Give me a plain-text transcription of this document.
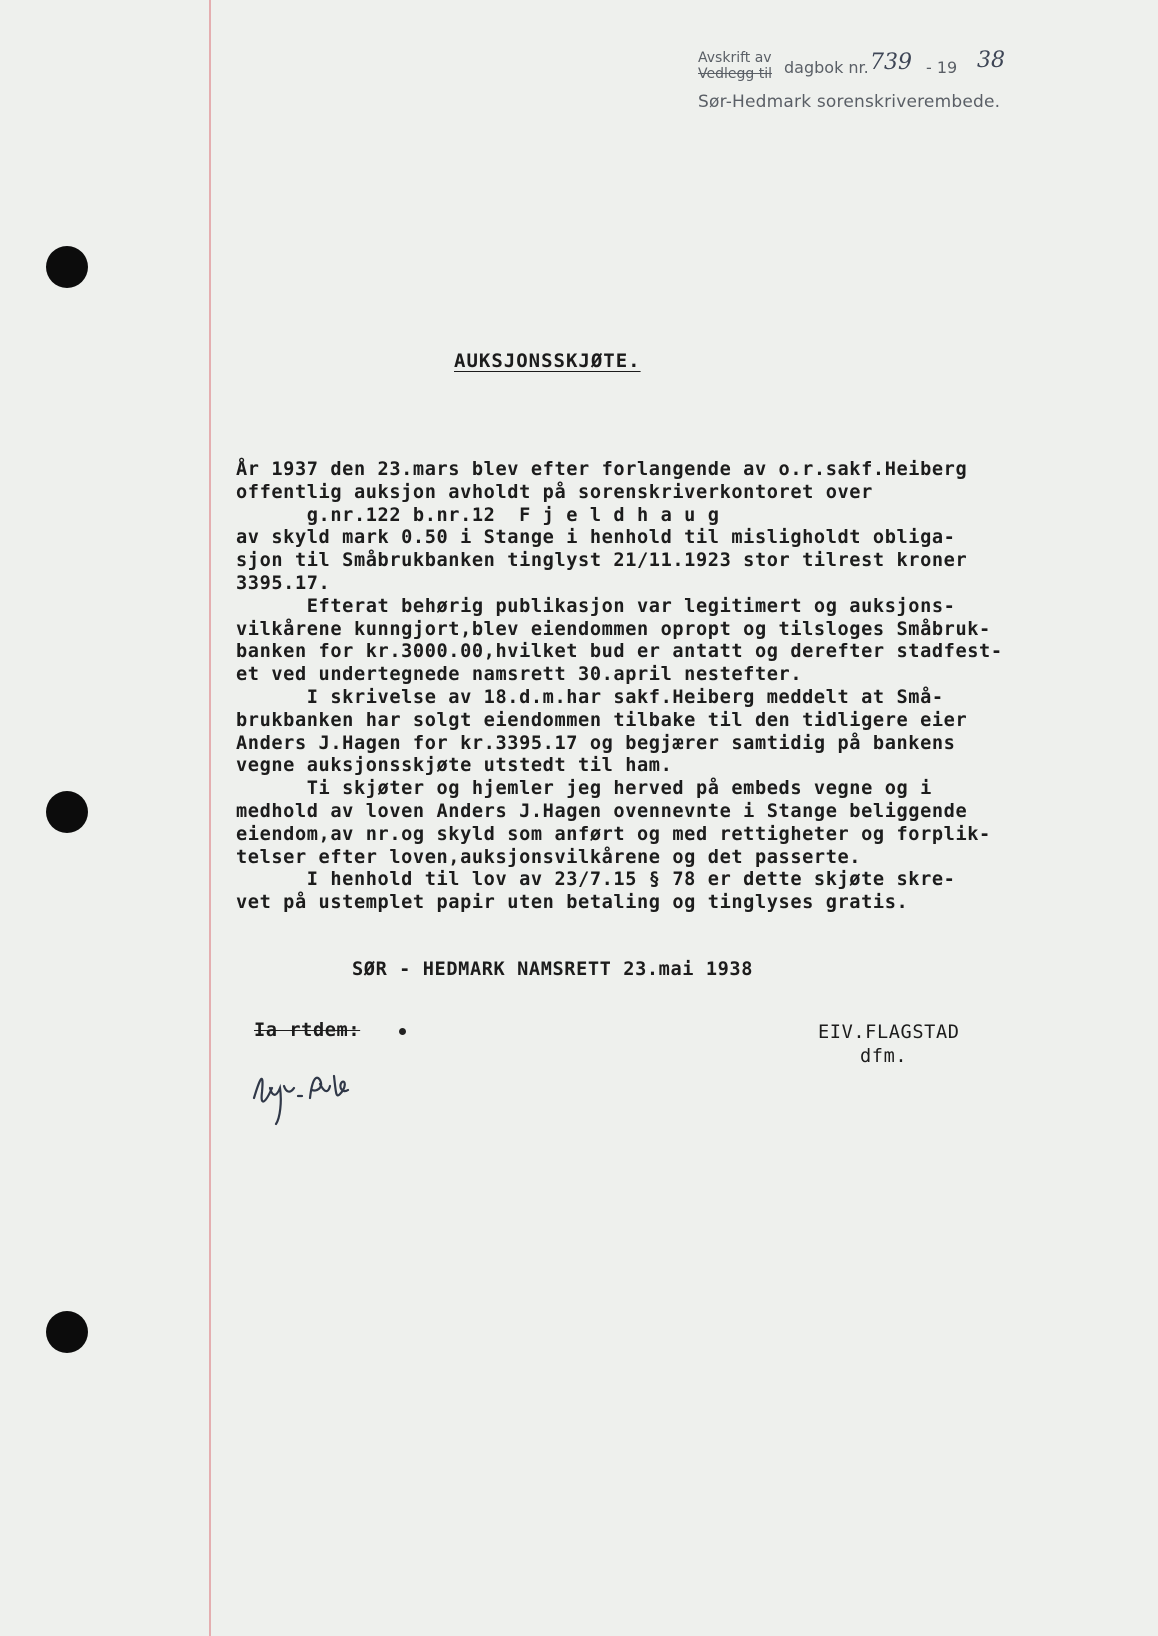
Avskrift av
Vedlegg til dagbok nr. 739 - 19 38
Sør-Hedmark sorenskriverembede.
AUKSJONSSKJØTE.
År 1937 den 23.mars blev efter forlangende av o.r.sakf.Heiberg
offentlig auksjon avholdt på sorenskriverkontoret over
g.nr.122 b.nr.12  F j e l d h a u g
av skyld mark 0.50 i Stange i henhold til misligholdt obliga-
sjon til Småbrukbanken tinglyst 21/11.1923 stor tilrest kroner
3395.17.
Efterat behørig publikasjon var legitimert og auksjons-
vilkårene kunngjort,blev eiendommen opropt og tilsloges Småbruk-
banken for kr.3000.00,hvilket bud er antatt og derefter stadfest-
et ved undertegnede namsrett 30.april nestefter.
I skrivelse av 18.d.m.har sakf.Heiberg meddelt at Små-
brukbanken har solgt eiendommen tilbake til den tidligere eier
Anders J.Hagen for kr.3395.17 og begjærer samtidig på bankens
vegne auksjonsskjøte utstedt til ham.
Ti skjøter og hjemler jeg herved på embeds vegne og i
medhold av loven Anders J.Hagen ovennevnte i Stange beliggende
eiendom,av nr.og skyld som anført og med rettigheter og forplik-
telser efter loven,auksjonsvilkårene og det passerte.
I henhold til lov av 23/7.15 § 78 er dette skjøte skre-
vet på ustemplet papir uten betaling og tinglyses gratis.
SØR - HEDMARK NAMSRETT 23.mai 1938
Ia rtdem:	EIV.FLAGSTAD
dfm.
